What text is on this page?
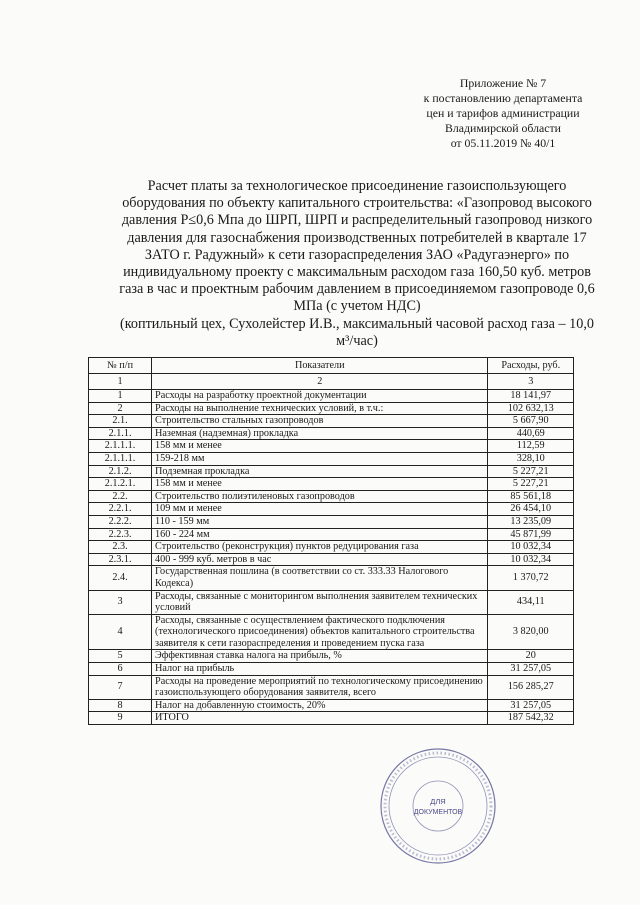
Приложение № 7
к постановлению департамента
цен и тарифов администрации
Владимирской области
от 05.11.2019 № 40/1
Расчет платы за технологическое присоединение газоиспользующего оборудования по объекту капитального строительства: «Газопровод высокого давления Р≤0,6 Мпа до ШРП, ШРП и распределительный газопровод низкого давления для газоснабжения производственных потребителей в квартале 17 ЗАТО г. Радужный» к сети газораспределения ЗАО «Радугаэнерго» по индивидуальному проекту с максимальным расходом газа 160,50 куб. метров газа в час и проектным рабочим давлением в присоединяемом газопроводе 0,6 МПа (с учетом НДС)
(коптильный цех, Сухолейстер И.В., максимальный часовой расход газа – 10,0 м³/час)
№ п/п	Показатели	Расходы, руб.
1	2	3
1	Расходы на разработку проектной документации	18 141,97
2	Расходы на выполнение технических условий, в т.ч.:	102 632,13
2.1.	Строительство стальных газопроводов	5 667,90
2.1.1.	Наземная (надземная) прокладка	440,69
2.1.1.1.	158 мм и менее	112,59
2.1.1.1.	159-218 мм	328,10
2.1.2.	Подземная прокладка	5 227,21
2.1.2.1.	158 мм и менее	5 227,21
2.2.	Строительство полиэтиленовых газопроводов	85 561,18
2.2.1.	109 мм и менее	26 454,10
2.2.2.	110 - 159 мм	13 235,09
2.2.3.	160 - 224 мм	45 871,99
2.3.	Строительство (реконструкция) пунктов редуцирования газа	10 032,34
2.3.1.	400 - 999 куб. метров в час	10 032,34
2.4.	Государственная пошлина (в соответствии со ст. 333.33 Налогового Кодекса)	1 370,72
3	Расходы, связанные с мониторингом выполнения заявителем технических условий	434,11
4	Расходы, связанные с осуществлением фактического подключения (технологического присоединения) объектов капитального строительства заявителя к сети газораспределения и проведением пуска газа	3 820,00
5	Эффективная ставка налога на прибыль, %	20
6	Налог на прибыль	31 257,05
7	Расходы на проведение мероприятий по технологическому присоединению газоиспользующего оборудования заявителя, всего	156 285,27
8	Налог на добавленную стоимость, 20%	31 257,05
9	ИТОГО	187 542,32
ДЛЯ
ДОКУМЕНТОВ
